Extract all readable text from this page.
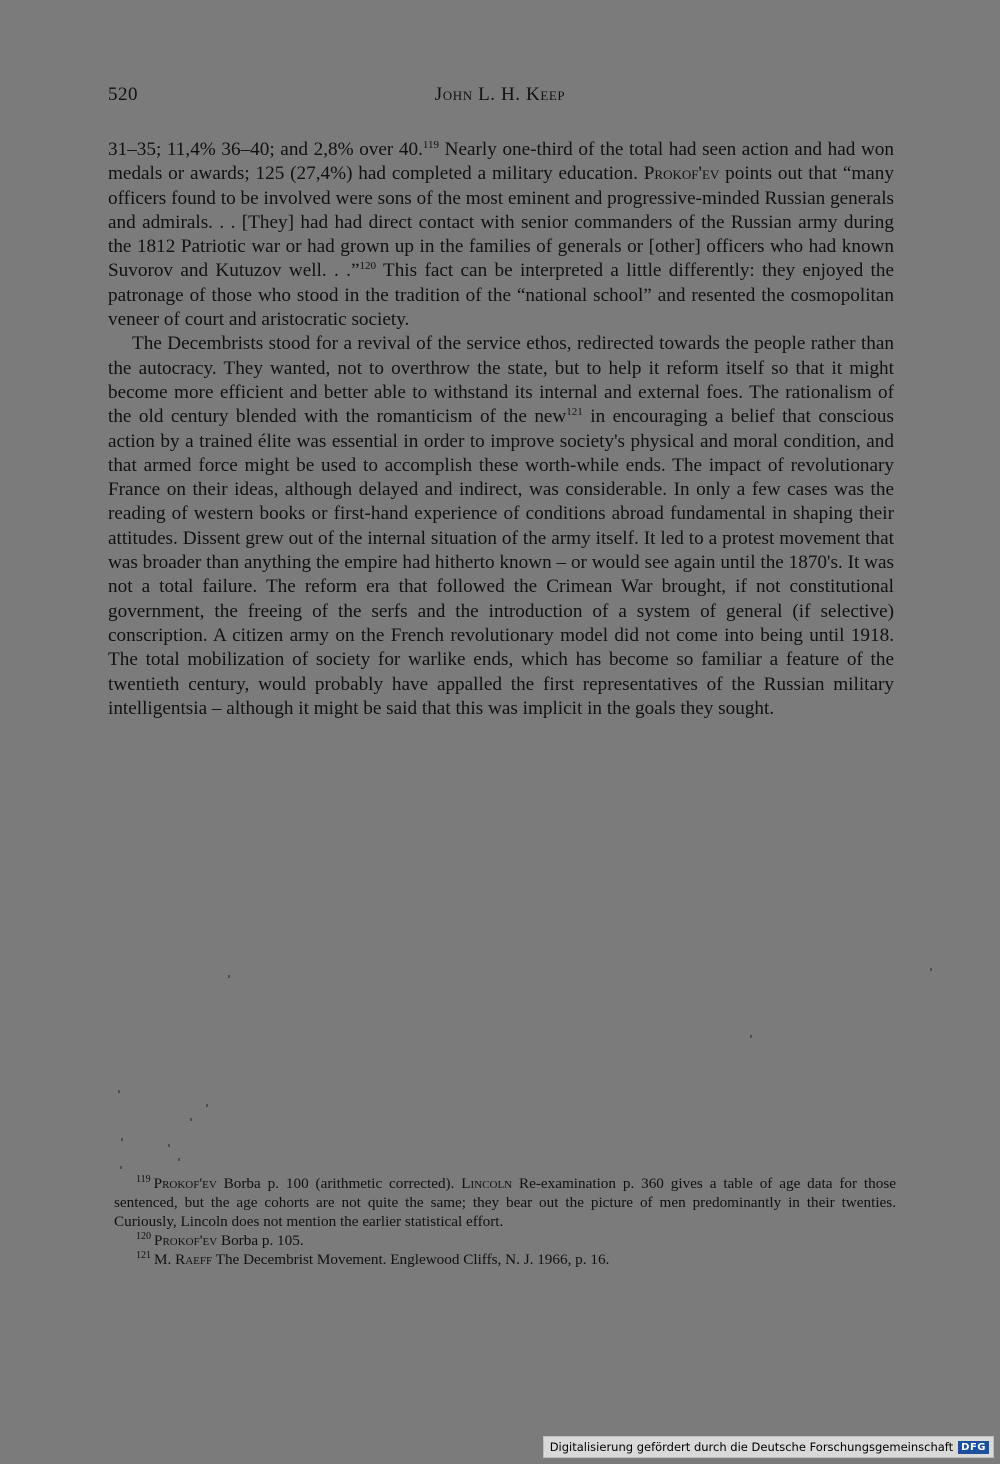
520	John L. H. Keep

31–35; 11,4% 36–40; and 2,8% over 40.$^{119}$ Nearly one-third of the total had seen action and had won medals or awards; 125 (27,4%) had completed a military education. Prokof'ev points out that “many officers found to be involved were sons of the most eminent and progressive-minded Russian generals and admirals. . . [They] had had direct contact with senior commanders of the Russian army during the 1812 Patriotic war or had grown up in the families of generals or [other] officers who had known Suvorov and Kutuzov well. . .”$^{120}$ This fact can be interpreted a little differently: they enjoyed the patronage of those who stood in the tradition of the “national school” and resented the cosmopolitan veneer of court and aristocratic society.

The Decembrists stood for a revival of the service ethos, redirected towards the people rather than the autocracy. They wanted, not to overthrow the state, but to help it reform itself so that it might become more efficient and better able to withstand its internal and external foes. The rationalism of the old century blended with the romanticism of the new$^{121}$ in encouraging a belief that conscious action by a trained élite was essential in order to improve society's physical and moral condition, and that armed force might be used to accomplish these worth-while ends. The impact of revolutionary France on their ideas, although delayed and indirect, was considerable. In only a few cases was the reading of western books or first-hand experience of conditions abroad fundamental in shaping their attitudes. Dissent grew out of the internal situation of the army itself. It led to a protest movement that was broader than anything the empire had hitherto known – or would see again until the 1870's. It was not a total failure. The reform era that followed the Crimean War brought, if not constitutional government, the freeing of the serfs and the introduction of a system of general (if selective) conscription. A citizen army on the French revolutionary model did not come into being until 1918. The total mobilization of society for warlike ends, which has become so familiar a feature of the twentieth century, would probably have appalled the first representatives of the Russian military intelligentsia – although it might be said that this was implicit in the goals they sought.

$^{119}$ Prokof'ev Borba p. 100 (arithmetic corrected). Lincoln Re-examination p. 360 gives a table of age data for those sentenced, but the age cohorts are not quite the same; they bear out the picture of men predominantly in their twenties. Curiously, Lincoln does not mention the earlier statistical effort.

$^{120}$ Prokof'ev Borba p. 105.

$^{121}$ M. Raeff The Decembrist Movement. Englewood Cliffs, N. J. 1966, p. 16.

Digitalisierung gefördert durch die Deutsche Forschungsgemeinschaft DFG
